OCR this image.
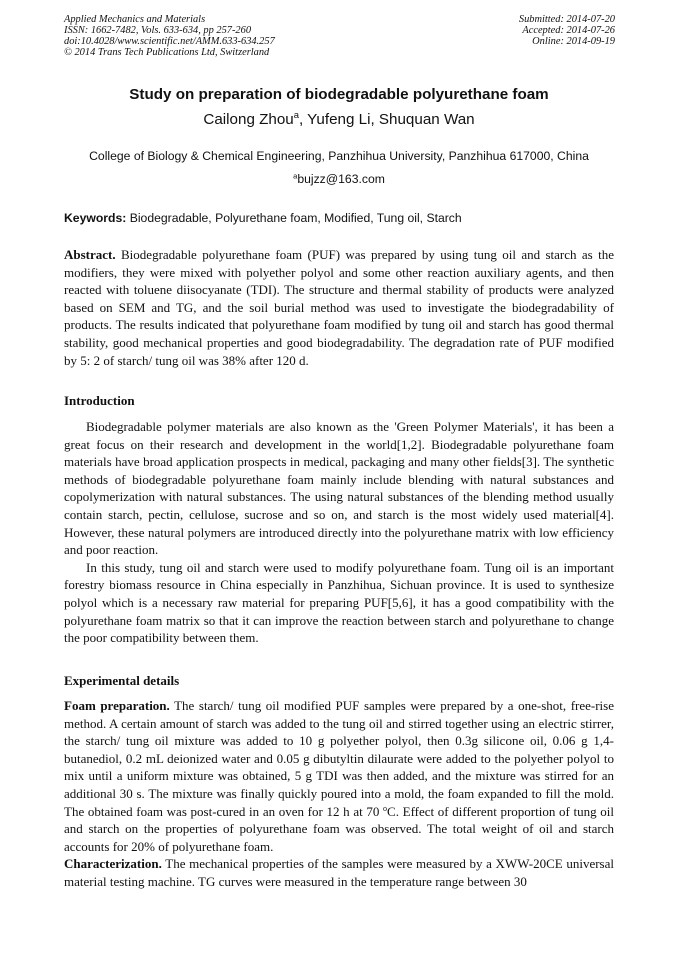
Applied Mechanics and Materials
ISSN: 1662-7482, Vols. 633-634, pp 257-260
doi:10.4028/www.scientific.net/AMM.633-634.257
© 2014 Trans Tech Publications Ltd, Switzerland
Submitted: 2014-07-20
Accepted: 2014-07-26
Online: 2014-09-19
Study on preparation of biodegradable polyurethane foam
Cailong Zhou$^a$, Yufeng Li, Shuquan Wan
College of Biology & Chemical Engineering, Panzhihua University, Panzhihua 617000, China
$^a$bujzz@163.com
Keywords: Biodegradable, Polyurethane foam, Modified, Tung oil, Starch

Abstract. Biodegradable polyurethane foam (PUF) was prepared by using tung oil and starch as the modifiers, they were mixed with polyether polyol and some other reaction auxiliary agents, and then reacted with toluene diisocyanate (TDI). The structure and thermal stability of products were analyzed based on SEM and TG, and the soil burial method was used to investigate the biodegradability of products. The results indicated that polyurethane foam modified by tung oil and starch has good thermal stability, good mechanical properties and good biodegradability. The degradation rate of PUF modified by 5: 2 of starch/ tung oil was 38% after 120 d.

Introduction

Biodegradable polymer materials are also known as the 'Green Polymer Materials', it has been a great focus on their research and development in the world[1,2]. Biodegradable polyurethane foam materials have broad application prospects in medical, packaging and many other fields[3]. The synthetic methods of biodegradable polyurethane foam mainly include blending with natural substances and copolymerization with natural substances. The using natural substances of the blending method usually contain starch, pectin, cellulose, sucrose and so on, and starch is the most widely used material[4]. However, these natural polymers are introduced directly into the polyurethane matrix with low efficiency and poor reaction.

In this study, tung oil and starch were used to modify polyurethane foam. Tung oil is an important forestry biomass resource in China especially in Panzhihua, Sichuan province. It is used to synthesize polyol which is a necessary raw material for preparing PUF[5,6], it has a good compatibility with the polyurethane foam matrix so that it can improve the reaction between starch and polyurethane to change the poor compatibility between them.

Experimental details

Foam preparation. The starch/ tung oil modified PUF samples were prepared by a one-shot, free-rise method. A certain amount of starch was added to the tung oil and stirred together using an electric stirrer, the starch/ tung oil mixture was added to 10 g polyether polyol, then 0.3g silicone oil, 0.06 g 1,4- butanediol, 0.2 mL deionized water and 0.05 g dibutyltin dilaurate were added to the polyether polyol to mix until a uniform mixture was obtained, 5 g TDI was then added, and the mixture was stirred for an additional 30 s. The mixture was finally quickly poured into a mold, the foam expanded to fill the mold. The obtained foam was post-cured in an oven for 12 h at 70 $^o$C. Effect of different proportion of tung oil and starch on the properties of polyurethane foam was observed. The total weight of oil and starch accounts for 20% of polyurethane foam.

Characterization. The mechanical properties of the samples were measured by a XWW-20CE universal material testing machine. TG curves were measured in the temperature range between 30
